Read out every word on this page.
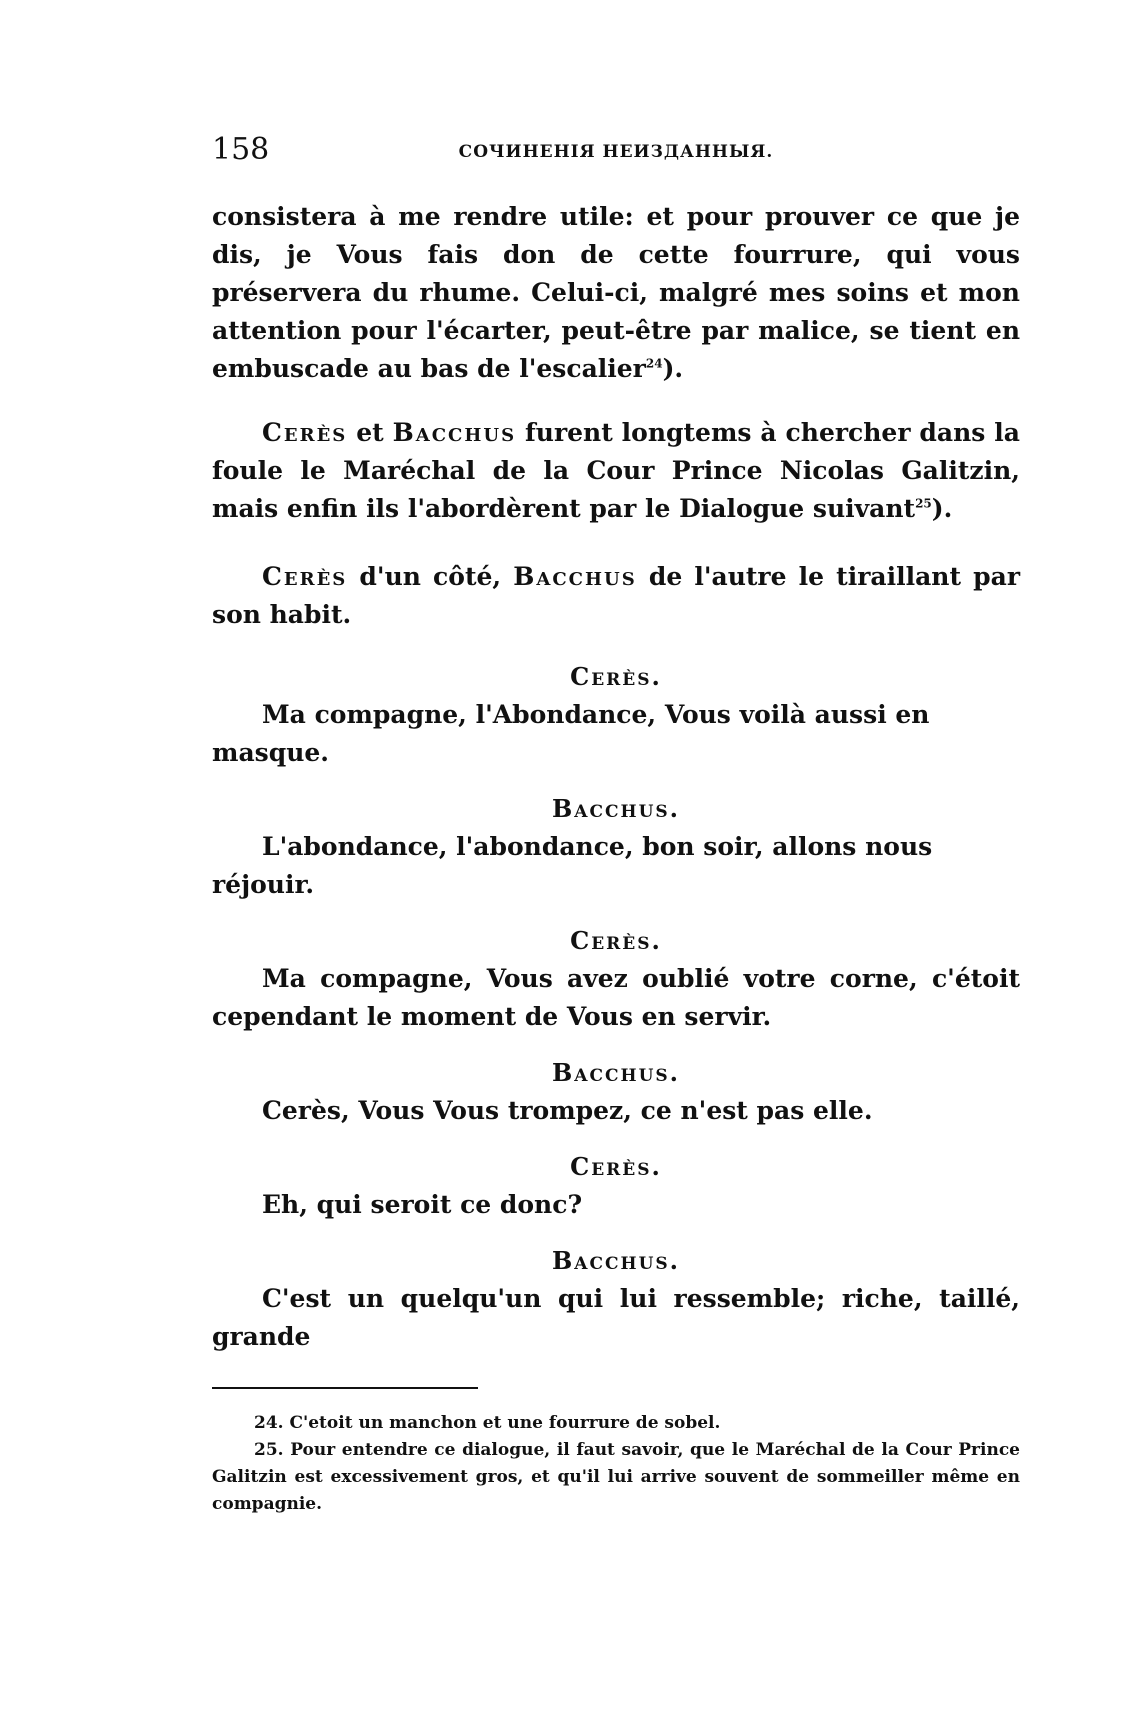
158	СОЧИНЕНІЯ НЕИЗДАННЫЯ.

consistera à me rendre utile: et pour prouver ce que je dis, je Vous fais don de cette fourrure, qui vous préservera du rhume. Celui-ci, malgré mes soins et mon attention pour l'écarter, peut-être par malice, se tient en embuscade au bas de l'escalier$^{24}$).

Cerès et Bacchus furent longtems à chercher dans la foule le Maréchal de la Cour Prince Nicolas Galitzin, mais enfin ils l'abordèrent par le Dialogue suivant$^{25}$).

Cerès d'un côté, Bacchus de l'autre le tiraillant par son habit.

Cerès.

Ma compagne, l'Abondance, Vous voilà aussi en masque.

Bacchus.

L'abondance, l'abondance, bon soir, allons nous réjouir.

Cerès.

Ma compagne, Vous avez oublié votre corne, c'étoit cependant le moment de Vous en servir.

Bacchus.

Cerès, Vous Vous trompez, ce n'est pas elle.

Cerès.

Eh, qui seroit ce donc?

Bacchus.

C'est un quelqu'un qui lui ressemble; riche, taillé, grande

24. C'etoit un manchon et une fourrure de sobel.

25. Pour entendre ce dialogue, il faut savoir, que le Maréchal de la Cour Prince Galitzin est excessivement gros, et qu'il lui arrive souvent de sommeiller même en compagnie.
